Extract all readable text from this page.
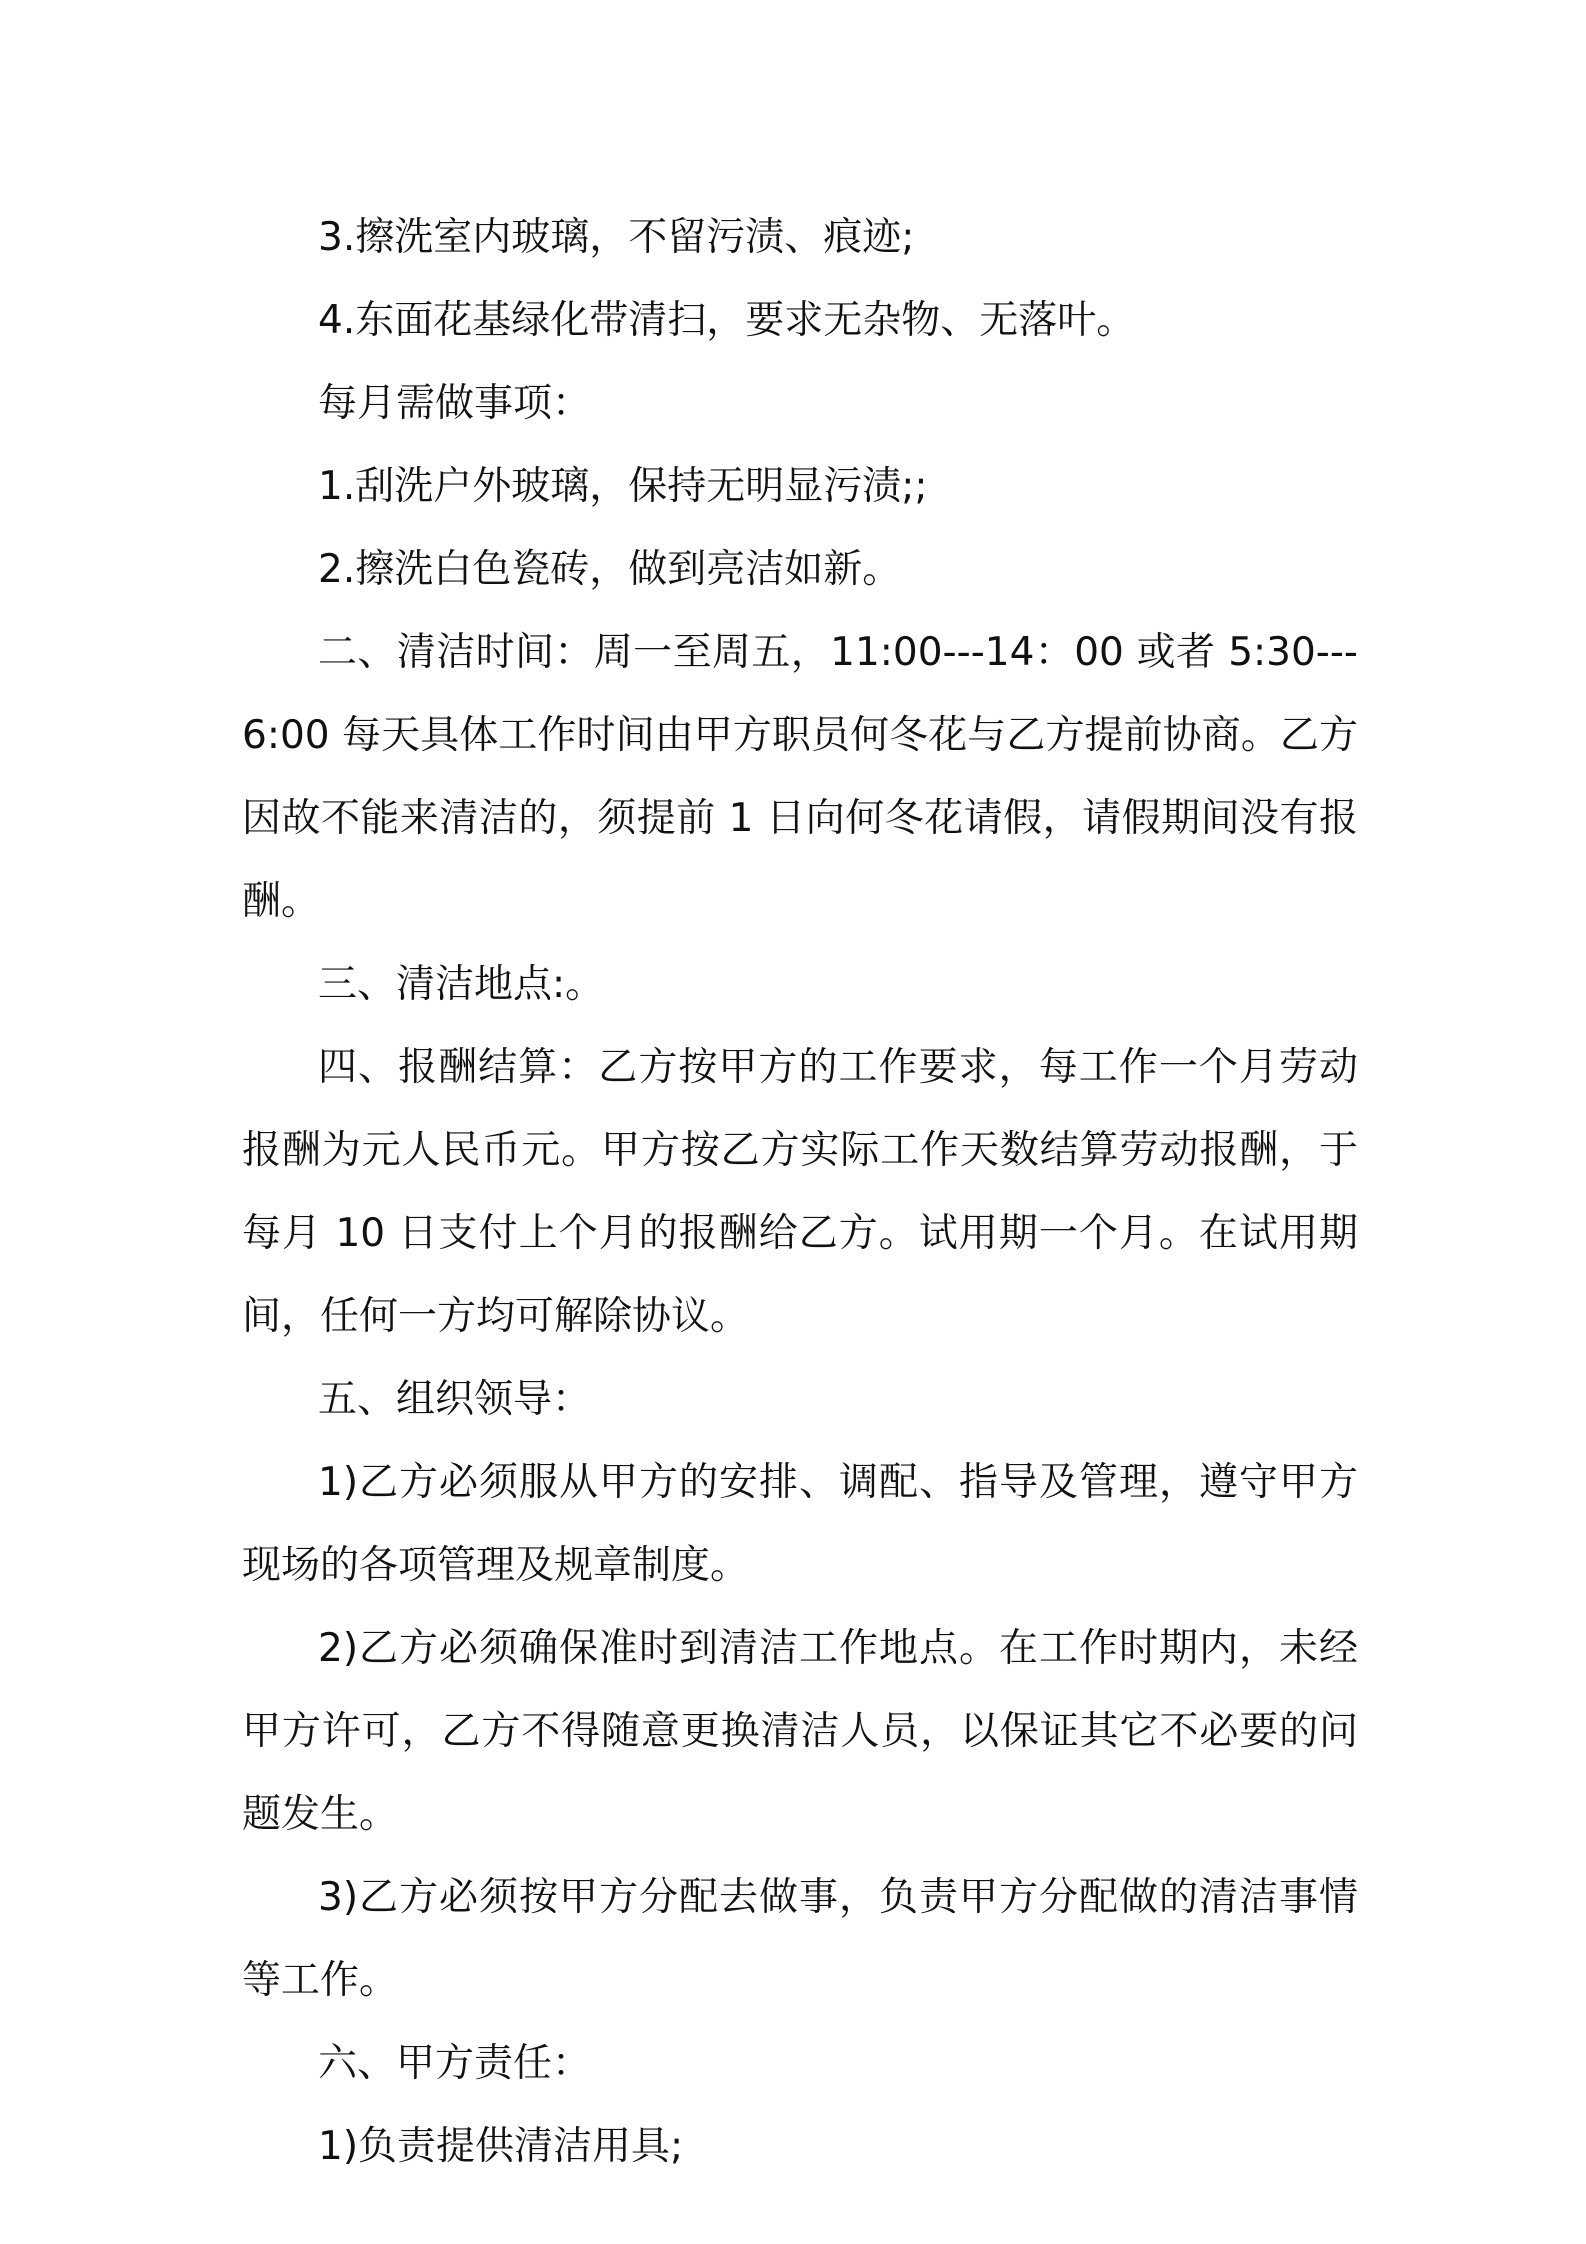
3.擦洗室内玻璃，不留污渍、痕迹;

4.东面花基绿化带清扫，要求无杂物、无落叶。

每月需做事项：

1.刮洗户外玻璃，保持无明显污渍;;

2.擦洗白色瓷砖，做到亮洁如新。

二、清洁时间：周一至周五，11:00---14：00 或者 5:30---6:00 每天具体工作时间由甲方职员何冬花与乙方提前协商。乙方因故不能来清洁的，须提前 1 日向何冬花请假，请假期间没有报酬。

三、清洁地点:。

四、报酬结算：乙方按甲方的工作要求，每工作一个月劳动报酬为元人民币元。甲方按乙方实际工作天数结算劳动报酬，于每月 10 日支付上个月的报酬给乙方。试用期一个月。在试用期间，任何一方均可解除协议。

五、组织领导：

1)乙方必须服从甲方的安排、调配、指导及管理，遵守甲方现场的各项管理及规章制度。

2)乙方必须确保准时到清洁工作地点。在工作时期内，未经甲方许可，乙方不得随意更换清洁人员，以保证其它不必要的问题发生。

3)乙方必须按甲方分配去做事，负责甲方分配做的清洁事情等工作。

六、甲方责任：

1)负责提供清洁用具;
